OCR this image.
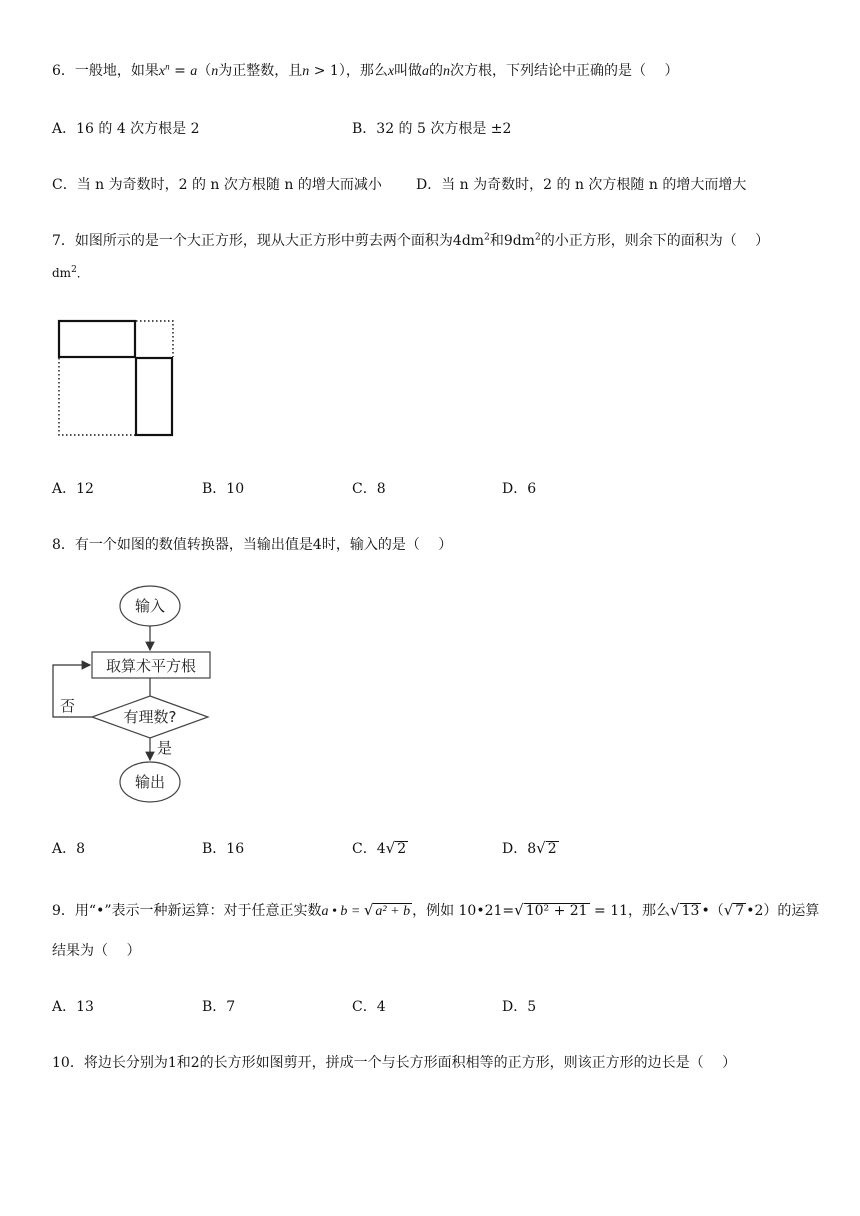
6．一般地，如果$x^n = a(n$为正整数，且n > 1），那么x叫做a的n次方根，下列结论中正确的是（　 ）
A．16 的 4 次方根是 2	B．32 的 5 次方根是 ±2
C．当 n 为奇数时，2 的 n 次方根随 n 的增大而减小 D．当 n 为奇数时，2 的 n 次方根随 n 的增大而增大
7．如图所示的是一个大正方形，现从大正方形中剪去两个面积为$4dm^2$和$9dm^2$的小正方形，则余下的面积为（　 ）
$dm^2$．
A．12	B．10	C．8	D．6
8．有一个如图的数值转换器，当输出值是4时，输入的是（　 ）
输入
取算术平方根
有理数?
否
是
输出
A．8	B．16	C．4√ 2	D．8√ 2
9．用“•”表示一种新运算：对于任意正实数a • b = √ a² + b ，例如 10•21=√ 10² + 21 = 11，那么√ 13 •（√ 7 •2）的运算
结果为（　 ）
A．13	B．7	C．4	D．5
10．将边长分别为1和2的长方形如图剪开，拼成一个与长方形面积相等的正方形，则该正方形的边长是（　 ）
